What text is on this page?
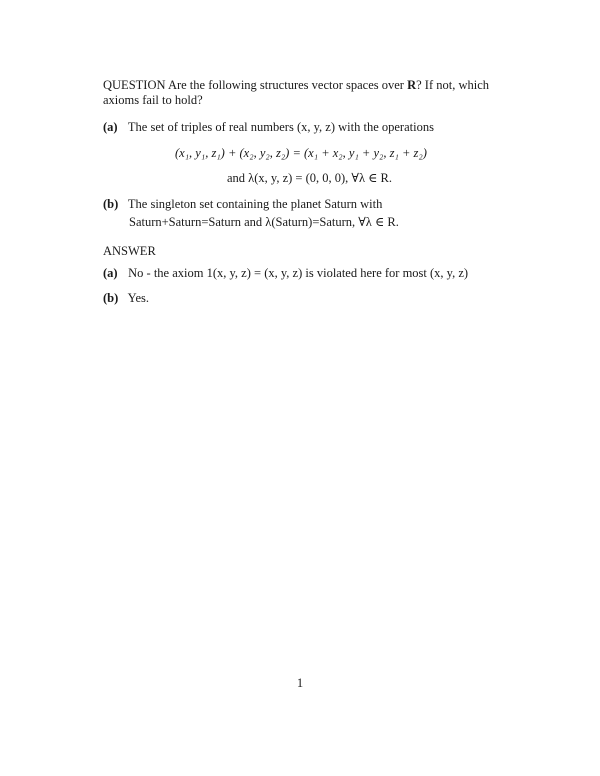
QUESTION Are the following structures vector spaces over R? If not, which
axioms fail to hold?
(a) The set of triples of real numbers (x, y, z) with the operations
(x₁, y₁, z₁) + (x₂, y₂, z₂) = (x₁ + x₂, y₁ + y₂, z₁ + z₂)
and λ(x, y, z) = (0, 0, 0), ∀λ ∈ R.
(b) The singleton set containing the planet Saturn with
Saturn+Saturn=Saturn and λ(Saturn)=Saturn, ∀λ ∈ R.
ANSWER
(a) No - the axiom 1(x, y, z) = (x, y, z) is violated here for most (x, y, z)
(b) Yes.
1
